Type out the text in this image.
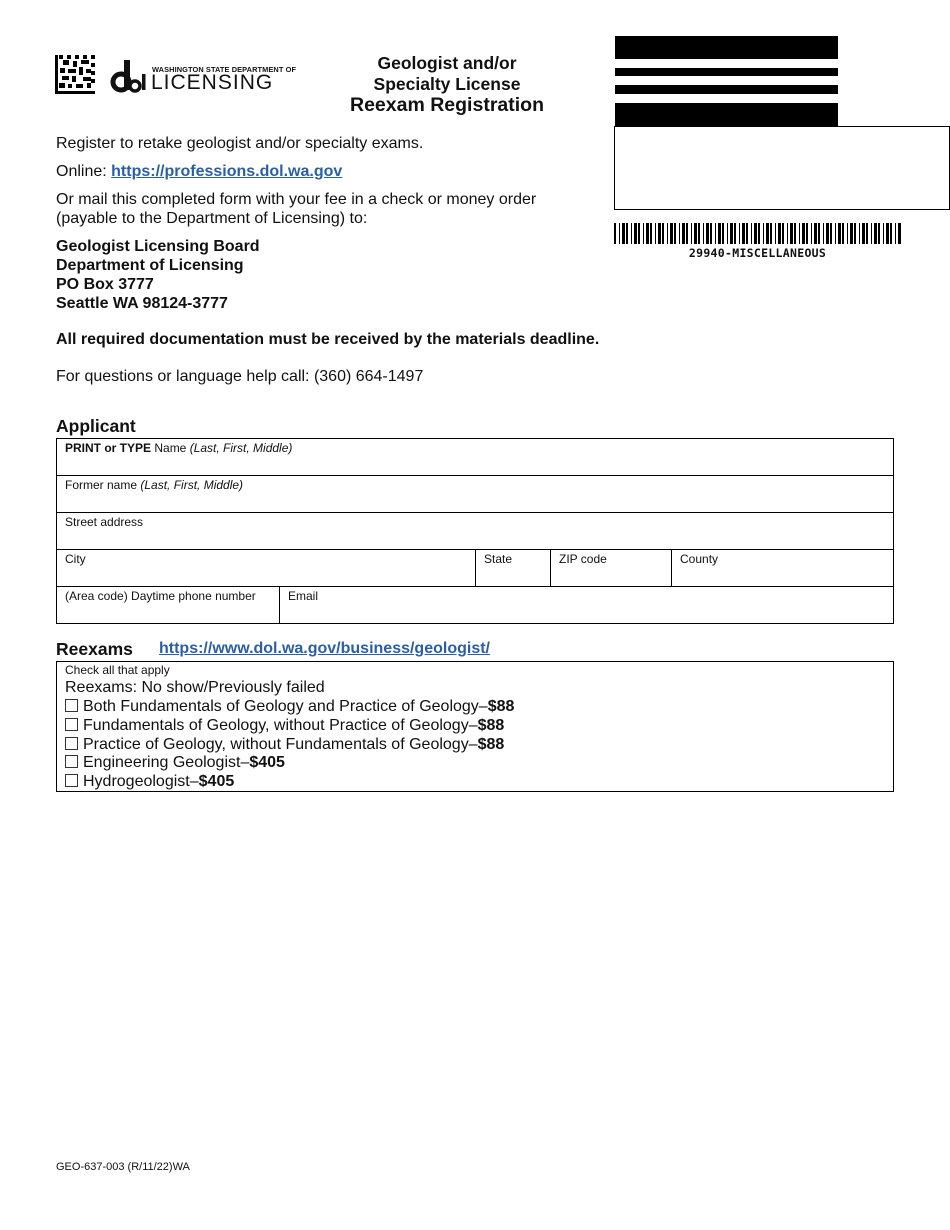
WASHINGTON STATE DEPARTMENT OF
LICENSING
Geologist and/or
Specialty License
Reexam Registration
29940-MISCELLANEOUS
Register to retake geologist and/or specialty exams.
Online: https://professions.dol.wa.gov
Or mail this completed form with your fee in a check or money order
(payable to the Department of Licensing) to:
Geologist Licensing Board
Department of Licensing
PO Box 3777
Seattle WA 98124-3777
All required documentation must be received by the materials deadline.
For questions or language help call: (360) 664-1497
Applicant
PRINT or TYPE Name (Last, First, Middle)
Former name (Last, First, Middle)
Street address
City	State	ZIP code	County
(Area code) Daytime phone number	Email
Reexams https://www.dol.wa.gov/business/geologist/
Check all that apply
Reexams: No show/Previously failed
Both Fundamentals of Geology and Practice of Geology–$88
Fundamentals of Geology, without Practice of Geology–$88
Practice of Geology, without Fundamentals of Geology–$88
Engineering Geologist–$405
Hydrogeologist–$405
GEO-637-003 (R/11/22)WA
